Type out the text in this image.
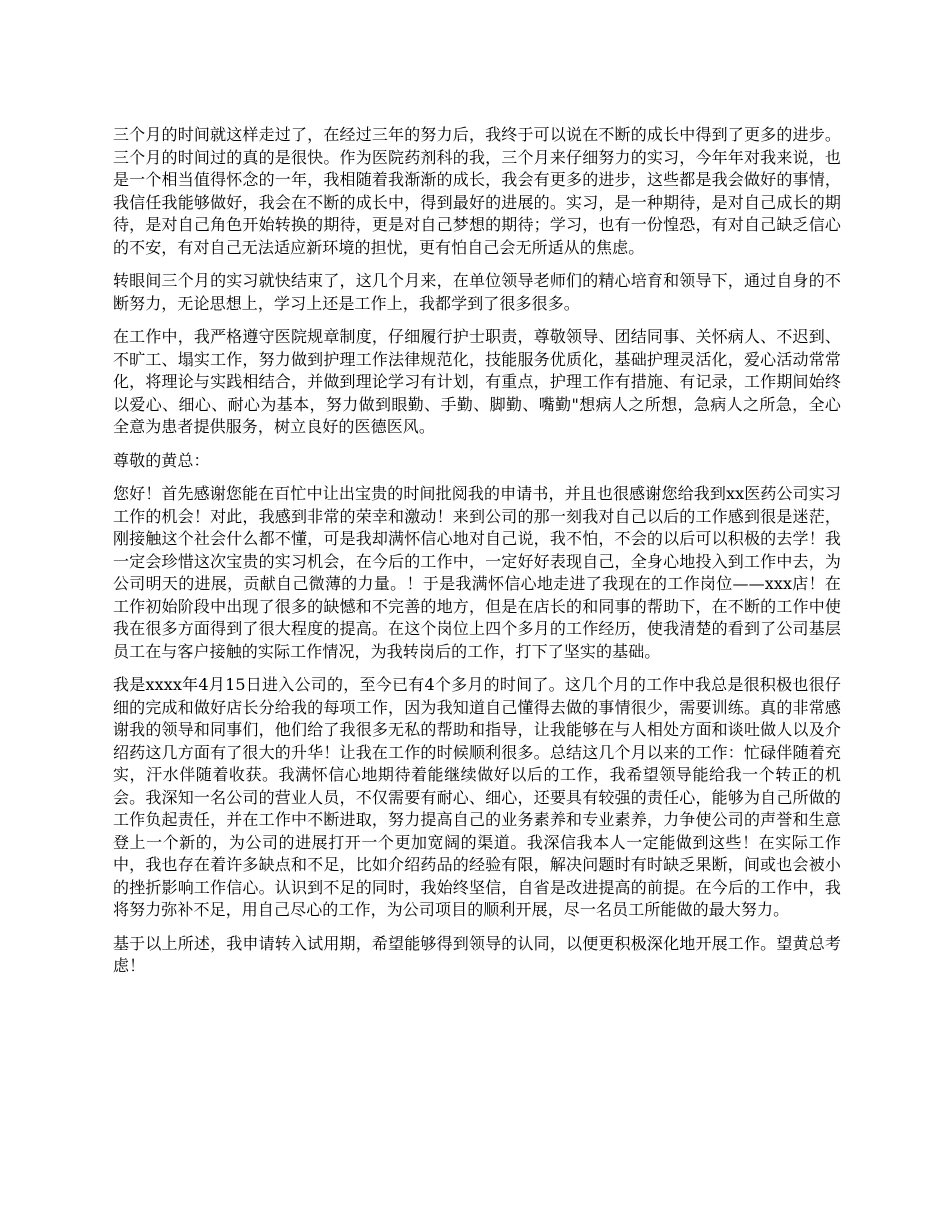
三个月的时间就这样走过了，在经过三年的努力后，我终于可以说在不断的成长中得到了更多的进步。三个月的时间过的真的是很快。作为医院药剂科的我，三个月来仔细努力的实习，今年年对我来说，也是一个相当值得怀念的一年，我相随着我渐渐的成长，我会有更多的进步，这些都是我会做好的事情，我信任我能够做好，我会在不断的成长中，得到最好的进展的。实习，是一种期待，是对自己成长的期待，是对自己角色开始转换的期待，更是对自己梦想的期待；学习，也有一份惶恐，有对自己缺乏信心的不安，有对自己无法适应新环境的担忧，更有怕自己会无所适从的焦虑。

转眼间三个月的实习就快结束了，这几个月来，在单位领导老师们的精心培育和领导下，通过自身的不断努力，无论思想上，学习上还是工作上，我都学到了很多很多。

在工作中，我严格遵守医院规章制度，仔细履行护士职责，尊敬领导、团结同事、关怀病人、不迟到、不旷工、塌实工作，努力做到护理工作法律规范化，技能服务优质化，基础护理灵活化，爱心活动常常化，将理论与实践相结合，并做到理论学习有计划，有重点，护理工作有措施、有记录，工作期间始终以爱心、细心、耐心为基本，努力做到眼勤、手勤、脚勤、嘴勤"想病人之所想，急病人之所急，全心全意为患者提供服务，树立良好的医德医风。

尊敬的黄总：

您好！首先感谢您能在百忙中让出宝贵的时间批阅我的申请书，并且也很感谢您给我到xx医药公司实习工作的机会！对此，我感到非常的荣幸和激动！来到公司的那一刻我对自己以后的工作感到很是迷茫，刚接触这个社会什么都不懂，可是我却满怀信心地对自己说，我不怕，不会的以后可以积极的去学！我一定会珍惜这次宝贵的实习机会，在今后的工作中，一定好好表现自己，全身心地投入到工作中去，为公司明天的进展，贡献自己微薄的力量。！于是我满怀信心地走进了我现在的工作岗位——xxx店！在工作初始阶段中出现了很多的缺憾和不完善的地方，但是在店长的和同事的帮助下，在不断的工作中使我在很多方面得到了很大程度的提高。在这个岗位上四个多月的工作经历，使我清楚的看到了公司基层员工在与客户接触的实际工作情况，为我转岗后的工作，打下了坚实的基础。

我是xxxx年4月15日进入公司的，至今已有4个多月的时间了。这几个月的工作中我总是很积极也很仔细的完成和做好店长分给我的每项工作，因为我知道自己懂得去做的事情很少，需要训练。真的非常感谢我的领导和同事们，他们给了我很多无私的帮助和指导，让我能够在与人相处方面和谈吐做人以及介绍药这几方面有了很大的升华！让我在工作的时候顺利很多。总结这几个月以来的工作：忙碌伴随着充实，汗水伴随着收获。我满怀信心地期待着能继续做好以后的工作，我希望领导能给我一个转正的机会。我深知一名公司的营业人员，不仅需要有耐心、细心，还要具有较强的责任心，能够为自己所做的工作负起责任，并在工作中不断进取，努力提高自己的业务素养和专业素养，力争使公司的声誉和生意登上一个新的，为公司的进展打开一个更加宽阔的渠道。我深信我本人一定能做到这些！在实际工作中，我也存在着许多缺点和不足，比如介绍药品的经验有限，解决问题时有时缺乏果断，间或也会被小的挫折影响工作信心。认识到不足的同时，我始终坚信，自省是改进提高的前提。在今后的工作中，我将努力弥补不足，用自己尽心的工作，为公司项目的顺利开展，尽一名员工所能做的最大努力。

基于以上所述，我申请转入试用期，希望能够得到领导的认同，以便更积极深化地开展工作。望黄总考虑！
